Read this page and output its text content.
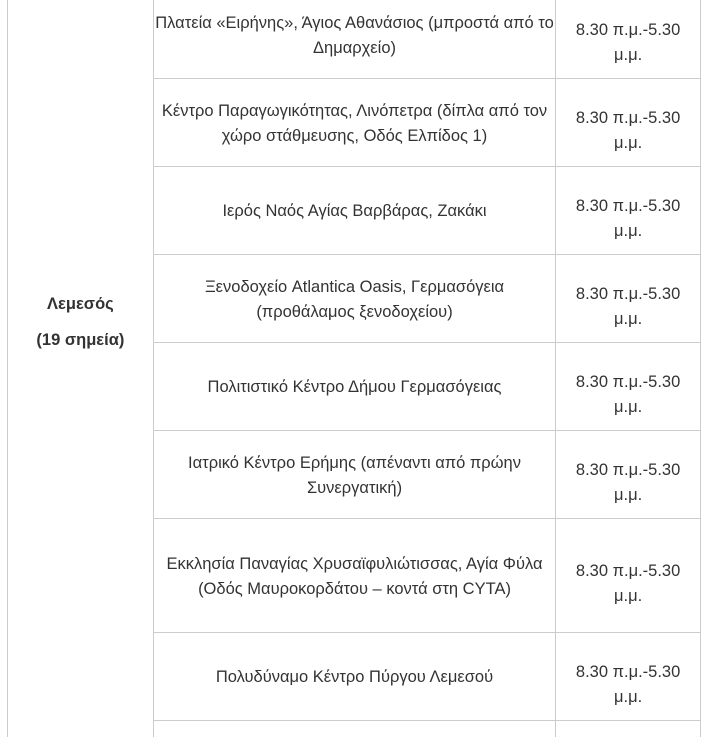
Λεμεσός
(19 σημεία)	Πλατεία «Ειρήνης», Άγιος Αθανάσιος (μπροστά από το Δημαρχείο)	8.30 π.μ.-5.30 μ.μ.

	Κέντρο Παραγωγικότητας, Λινόπετρα (δίπλα από τον χώρο στάθμευσης, Οδός Ελπίδος 1)	8.30 π.μ.-5.30 μ.μ.

	Ιερός Ναός Αγίας Βαρβάρας, Ζακάκι	8.30 π.μ.-5.30 μ.μ.

	Ξενοδοχείο Atlantica Oasis, Γερμασόγεια (προθάλαμος ξενοδοχείου)	8.30 π.μ.-5.30 μ.μ.

	Πολιτιστικό Κέντρο Δήμου Γερμασόγειας	8.30 π.μ.-5.30 μ.μ.

	Ιατρικό Κέντρο Ερήμης (απέναντι από πρώην Συνεργατική)	8.30 π.μ.-5.30 μ.μ.

	Εκκλησία Παναγίας Χρυσαϊφυλιώτισσας, Αγία Φύλα (Οδός Μαυροκορδάτου – κοντά στη CYTA)	8.30 π.μ.-5.30 μ.μ.

	Πολυδύναμο Κέντρο Πύργου Λεμεσού	8.30 π.μ.-5.30 μ.μ.
